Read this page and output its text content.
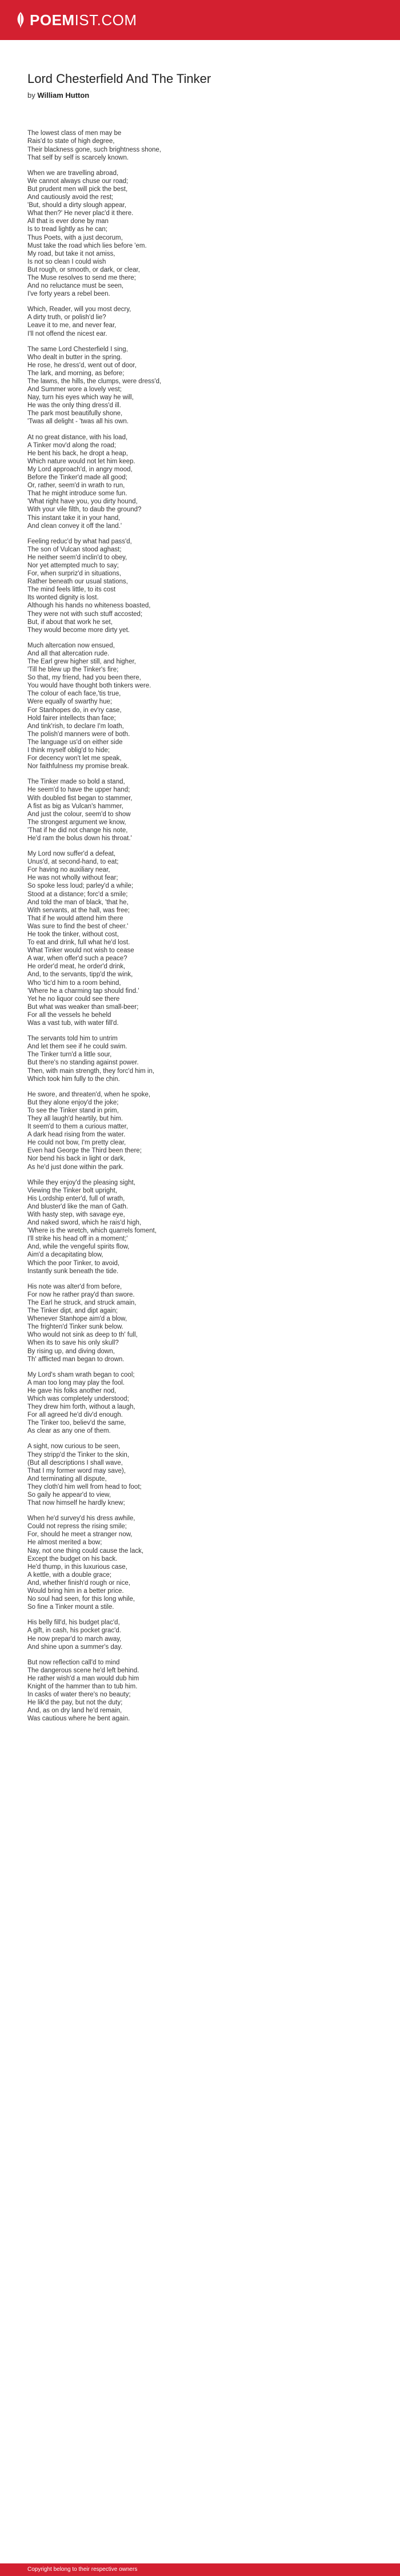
POEMIST.COM
Lord Chesterfield And The Tinker
by William Hutton
The lowest class of men may be
Rais'd to state of high degree,
Their blackness gone, such brightness shone,
That self by self is scarcely known.
When we are travelling abroad,
We cannot always chuse our road;
But prudent men will pick the best,
And cautiously avoid the rest;
'But, should a dirty slough appear,
What then?' He never plac'd it there.
All that is ever done by man
Is to tread lightly as he can;
Thus Poets, with a just decorum,
Must take the road which lies before 'em.
My road, but take it not amiss,
Is not so clean I could wish
But rough, or smooth, or dark, or clear,
The Muse resolves to send me there;
And no reluctance must be seen,
I've forty years a rebel been.
Which, Reader, will you most decry,
A dirty truth, or polish'd lie?
Leave it to me, and never fear,
I'll not offend the nicest ear.
The same Lord Chesterfield I sing,
Who dealt in butter in the spring.
He rose, he dress'd, went out of door,
The lark, and morning, as before;
The lawns, the hills, the clumps, were dress'd,
And Summer wore a lovely vest;
Nay, turn his eyes which way he will,
He was the only thing dress'd ill.
The park most beautifully shone,
'Twas all delight - 'twas all his own.
At no great distance, with his load,
A Tinker mov'd along the road;
He bent his back, he dropt a heap,
Which nature would not let him keep.
My Lord approach'd, in angry mood,
Before the Tinker'd made all good;
Or, rather, seem'd in wrath to run,
That he might introduce some fun.
'What right have you, you dirty hound,
With your vile filth, to daub the ground?
This instant take it in your hand,
And clean convey it off the land.'
Feeling reduc'd by what had pass'd,
The son of Vulcan stood aghast;
He neither seem'd inclin'd to obey,
Nor yet attempted much to say;
For, when surpriz'd in situations,
Rather beneath our usual stations,
The mind feels little, to its cost
Its wonted dignity is lost.
Although his hands no whiteness boasted,
They were not with such stuff accosted;
But, if about that work he set,
They would become more dirty yet.
Much altercation now ensued,
And all that altercation rude.
The Earl grew higher still, and higher,
'Till he blew up the Tinker's fire;
So that, my friend, had you been there,
You would have thought both tinkers were.
The colour of each face,'tis true,
Were equally of swarthy hue;
For Stanhopes do, in ev'ry case,
Hold fairer intellects than face;
And tink'rish, to declare I'm loath,
The polish'd manners were of both.
The language us'd on either side
I think myself oblig'd to hide;
For decency won't let me speak,
Nor faithfulness my promise break.
The Tinker made so bold a stand,
He seem'd to have the upper hand;
With doubled fist began to stammer,
A fist as big as Vulcan's hammer,
And just the colour, seem'd to show
The strongest argument we know,
'That if he did not change his note,
He'd ram the bolus down his throat.'
My Lord now suffer'd a defeat,
Unus'd, at second-hand, to eat;
For having no auxiliary near,
He was not wholly without fear;
So spoke less loud; parley'd a while;
Stood at a distance; forc'd a smile;
And told the man of black, 'that he,
With servants, at the hall, was free;
That if he would attend him there
Was sure to find the best of cheer.'
He took the tinker, without cost,
To eat and drink, full what he'd lost.
What Tinker would not wish to cease
A war, when offer'd such a peace?
He order'd meat, he order'd drink,
And, to the servants, tipp'd the wink,
Who 'tic'd him to a room behind,
'Where he a charming tap should find.'
Yet he no liquor could see there
But what was weaker than small-beer;
For all the vessels he beheld
Was a vast tub, with water fill'd.
The servants told him to untrim
And let them see if he could swim.
The Tinker turn'd a little sour,
But there's no standing against power.
Then, with main strength, they forc'd him in,
Which took him fully to the chin.
He swore, and threaten'd, when he spoke,
But they alone enjoy'd the joke;
To see the Tinker stand in prim,
They all laugh'd heartily, but him.
It seem'd to them a curious matter,
A dark head rising from the water.
He could not bow, I'm pretty clear,
Even had George the Third been there;
Nor bend his back in light or dark,
As he'd just done within the park.
While they enjoy'd the pleasing sight,
Viewing the Tinker bolt upright,
His Lordship enter'd, full of wrath,
And bluster'd like the man of Gath.
With hasty step, with savage eye,
And naked sword, which he rais'd high,
'Where is the wretch, which quarrels foment,
I'll strike his head off in a moment;'
And, while the vengeful spirits flow,
Aim'd a decapitating blow,
Which the poor Tinker, to avoid,
Instantly sunk beneath the tide.
His note was alter'd from before,
For now he rather pray'd than swore.
The Earl he struck, and struck amain,
The Tinker dipt, and dipt again;
Whenever Stanhope aim'd a blow,
The frighten'd Tinker sunk below.
Who would not sink as deep to th' full,
When its to save his only skull?
By rising up, and diving down,
Th' afflicted man began to drown.
My Lord's sham wrath began to cool;
A man too long may play the fool.
He gave his folks another nod,
Which was completely understood;
They drew him forth, without a laugh,
For all agreed he'd div'd enough.
The Tinker too, believ'd the same,
As clear as any one of them.
A sight, now curious to be seen,
They stripp'd the Tinker to the skin,
(But all descriptions I shall wave,
That I my former word may save),
And terminating all dispute,
They cloth'd him well from head to foot;
So gaily he appear'd to view,
That now himself he hardly knew;
When he'd survey'd his dress awhile,
Could not repress the rising smile;
For, should he meet a stranger now,
He almost merited a bow;
Nay, not one thing could cause the lack,
Except the budget on his back.
He'd thump, in this luxurious case,
A kettle, with a double grace;
And, whether finish'd rough or nice,
Would bring him in a better price.
No soul had seen, for this long while,
So fine a Tinker mount a stile.
His belly fill'd, his budget plac'd,
A gift, in cash, his pocket grac'd.
He now prepar'd to march away,
And shine upon a summer's day.
But now reflection call'd to mind
The dangerous scene he'd left behind.
He rather wish'd a man would dub him
Knight of the hammer than to tub him.
In casks of water there's no beauty;
He lik'd the pay, but not the duty;
And, as on dry land he'd remain,
Was cautious where he bent again.
Copyright belong to their respective owners
